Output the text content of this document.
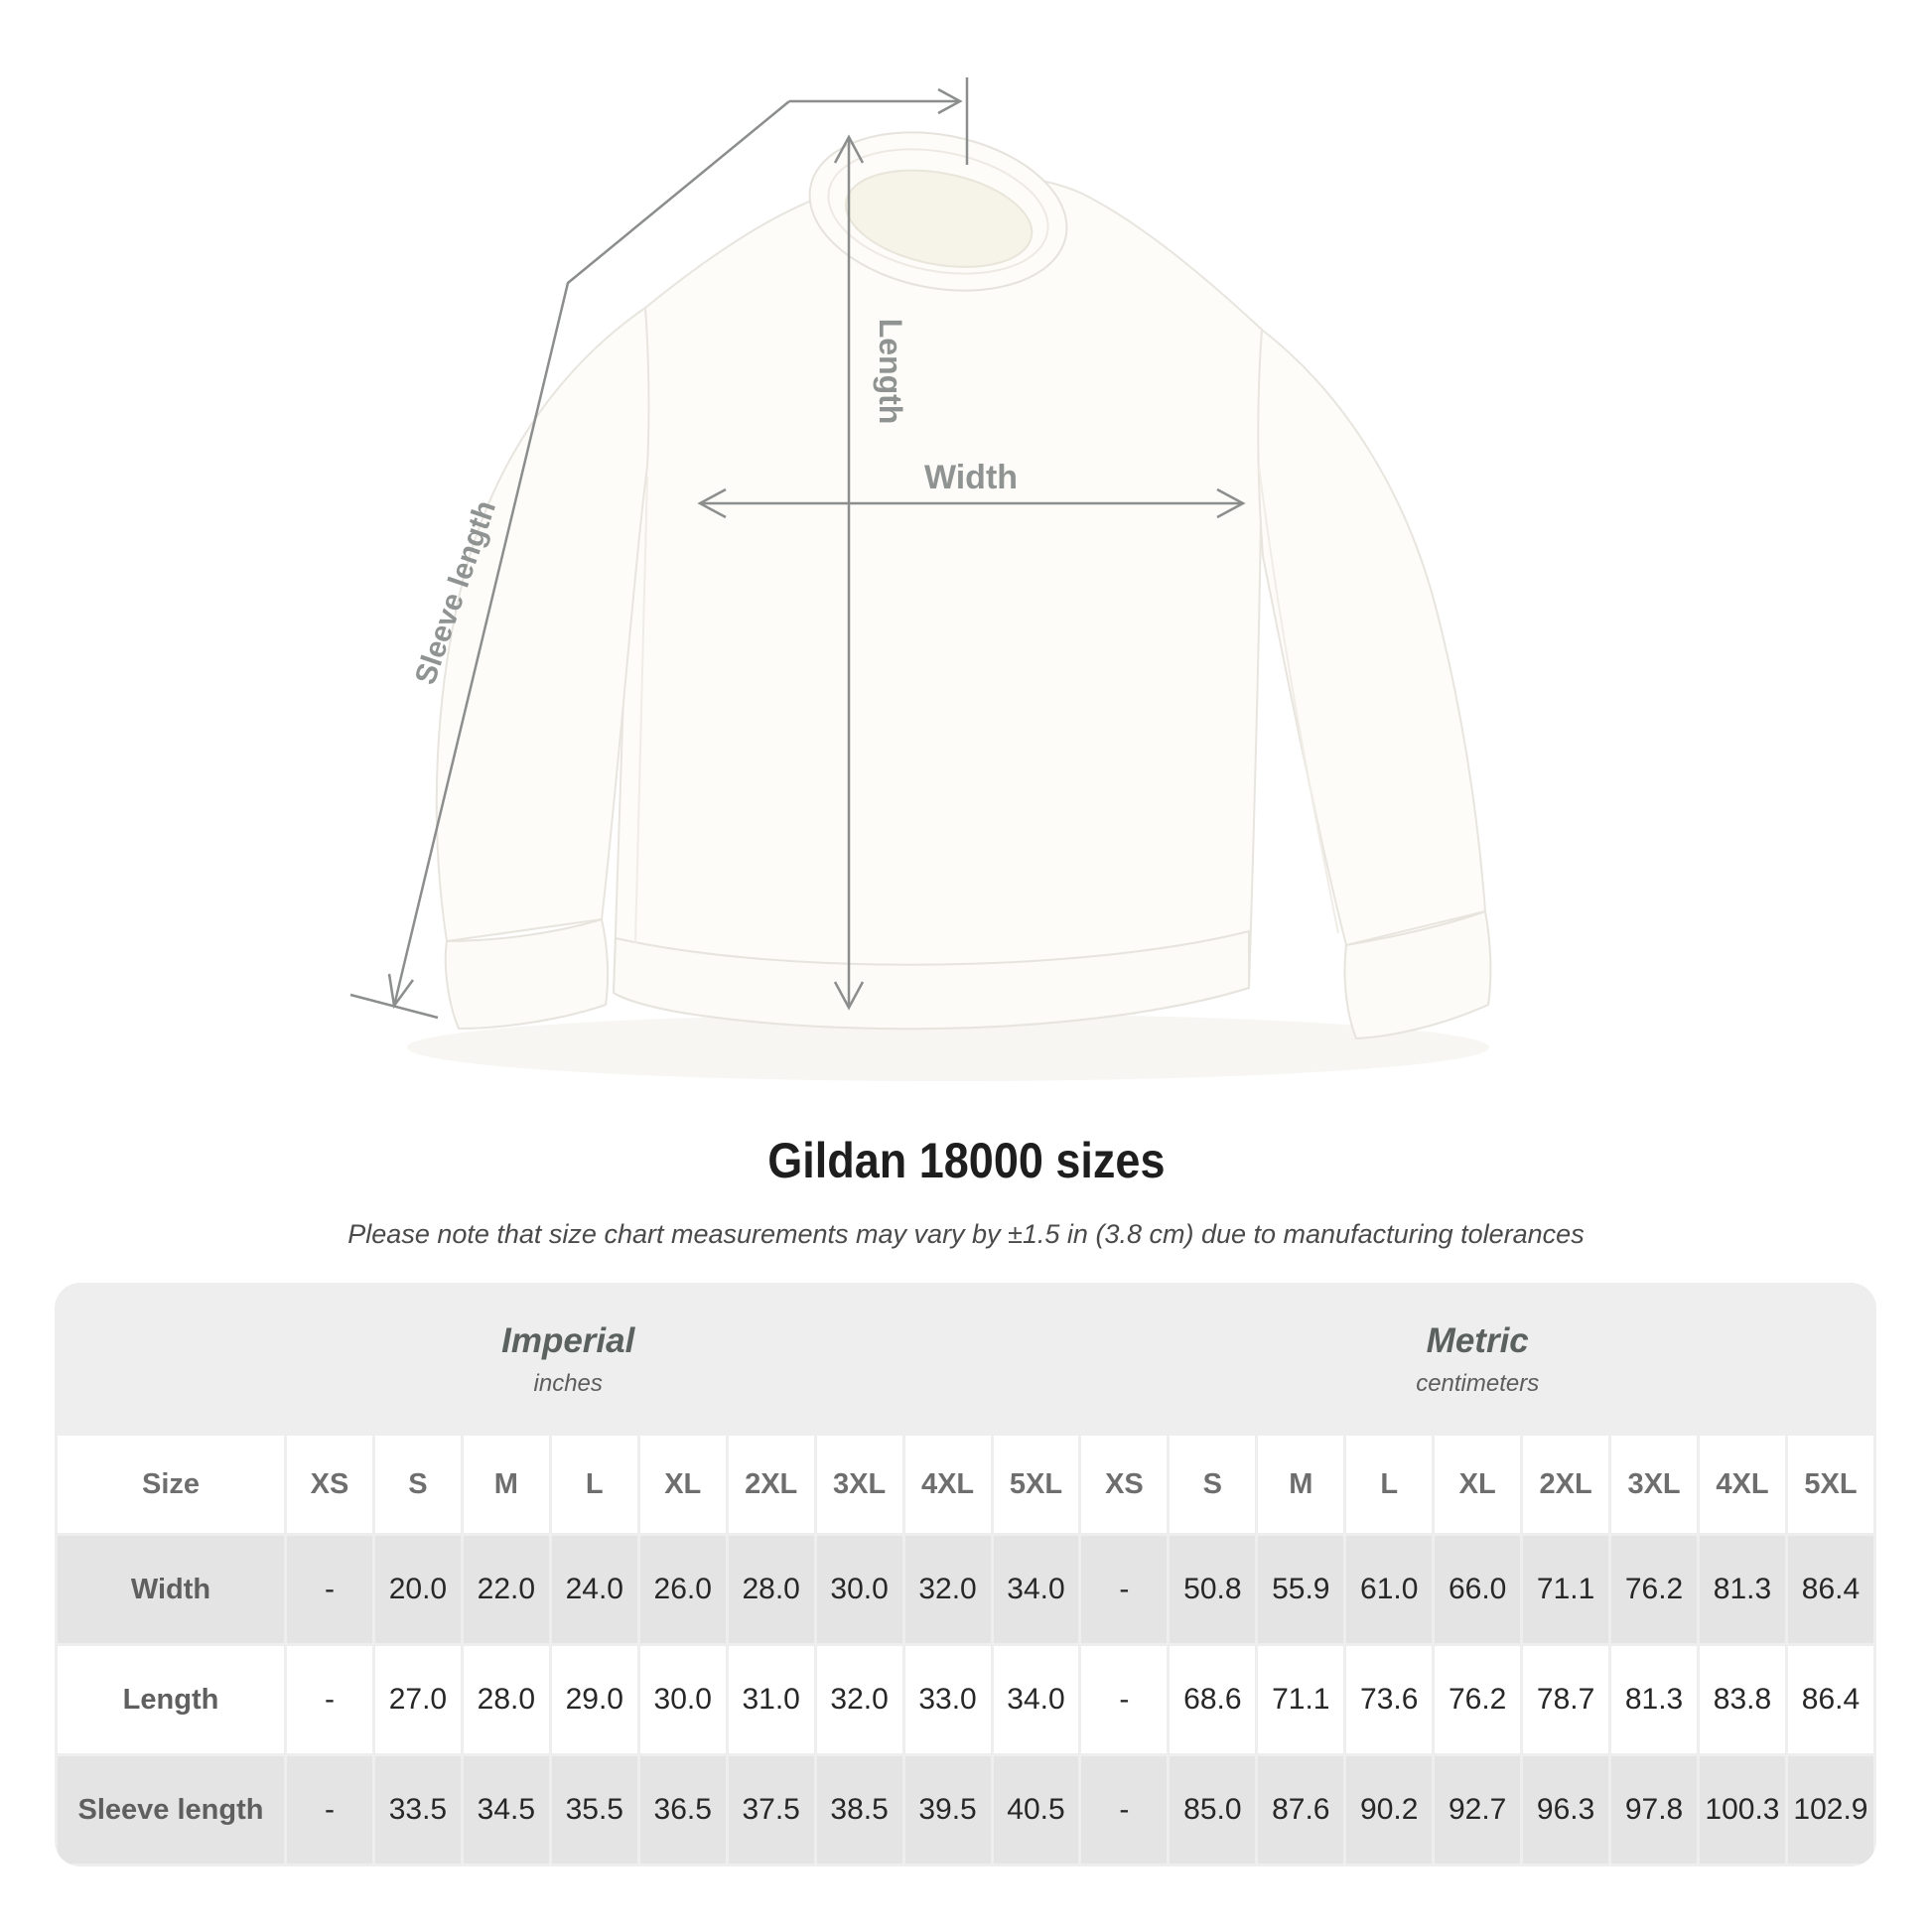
Width
Length
Sleeve length
Gildan 18000 sizes
Please note that size chart measurements may vary by ±1.5 in (3.8 cm) due to manufacturing tolerances
Imperial
inches

Metric
centimeters

Size	XS	S	M	L	XL	2XL	3XL	4XL	5XL	XS	S	M	L	XL	2XL	3XL	4XL	5XL
Width	-	20.0	22.0	24.0	26.0	28.0	30.0	32.0	34.0	-	50.8	55.9	61.0	66.0	71.1	76.2	81.3	86.4
Length	-	27.0	28.0	29.0	30.0	31.0	32.0	33.0	34.0	-	68.6	71.1	73.6	76.2	78.7	81.3	83.8	86.4
Sleeve length	-	33.5	34.5	35.5	36.5	37.5	38.5	39.5	40.5	-	85.0	87.6	90.2	92.7	96.3	97.8	100.3	102.9
